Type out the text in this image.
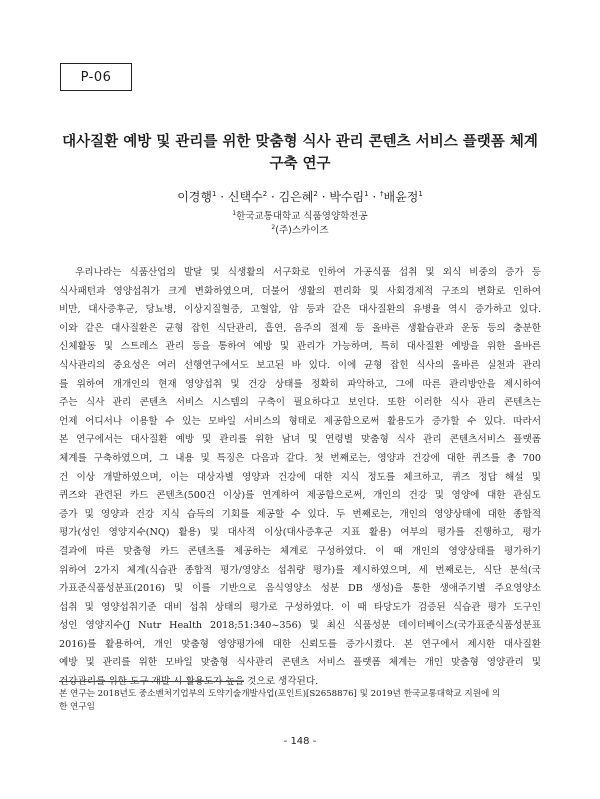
P-06
대사질환 예방 및 관리를 위한 맞춤형 식사 관리 콘텐츠 서비스 플랫폼 체계
구축 연구
이경행$^1$ · 신택수$^2$ · 김은혜$^2$ · 박수림$^1$ · †배윤정$^1$
$^1$한국교통대학교 식품영양학전공
$^2$(주)스카이즈
우리나라는 식품산업의 발달 및 식생활의 서구화로 인하여 가공식품 섭취 및 외식 비중의 증가 등
식사패턴과 영양섭취가 크게 변화하였으며, 더불어 생활의 편리화 및 사회경제적 구조의 변화로 인하여
비만, 대사증후군, 당뇨병, 이상지질혈증, 고혈압, 암 등과 같은 대사질환의 유병율 역시 증가하고 있다.
이와 같은 대사질환은 균형 잡힌 식단관리, 흡연, 음주의 절제 등 올바른 생활습관과 운동 등의 충분한
신체활동 및 스트레스 관리 등을 통하여 예방 및 관리가 가능하며, 특히 대사질환 예방을 위한 올바른
식사관리의 중요성은 여러 선행연구에서도 보고된 바 있다. 이에 균형 잡힌 식사의 올바른 실천과 관리
를 위하여 개개인의 현재 영양섭취 및 건강 상태를 정확히 파악하고, 그에 따른 관리방안을 제시하여
주는 식사 관리 콘텐츠 서비스 시스템의 구축이 필요하다고 보인다. 또한 이러한 식사 관리 콘텐츠는
언제 어디서나 이용할 수 있는 모바일 서비스의 형태로 제공함으로써 활용도가 증가할 수 있다. 따라서
본 연구에서는 대사질환 예방 및 관리를 위한 남녀 및 연령별 맞춤형 식사 관리 콘텐츠서비스 플랫폼
체계를 구축하였으며, 그 내용 및 특징은 다음과 같다. 첫 번째로는, 영양과 건강에 대한 퀴즈를 총 700
건 이상 개발하였으며, 이는 대상자별 영양과 건강에 대한 지식 정도를 체크하고, 퀴즈 정답 해설 및
퀴즈와 관련된 카드 콘텐츠(500건 이상)를 연계하여 제공함으로써, 개인의 건강 및 영양에 대한 관심도
증가 및 영양과 건강 지식 습득의 기회를 제공할 수 있다. 두 번째로는, 개인의 영양상태에 대한 종합적
평가(성인 영양지수(NQ) 활용) 및 대사적 이상(대사증후군 지표 활용) 여부의 평가를 진행하고, 평가
결과에 따른 맞춤형 카드 콘텐츠를 제공하는 체계로 구성하였다. 이 때 개인의 영양상태를 평가하기
위하여 2가지 체계(식습관 종합적 평가/영양소 섭취량 평가)를 제시하였으며, 세 번째로는, 식단 분석(국
가표준식품성분표(2016) 및 이를 기반으로 음식영양소 성분 DB 생성)을 통한 생애주기별 주요영양소
섭취 및 영양섭취기준 대비 섭취 상태의 평가로 구성하였다. 이 때 타당도가 검증된 식습관 평가 도구인
성인 영양지수(J Nutr Health 2018;51:340~356) 및 최신 식품성분 데이터베이스(국가표준식품성분표
2016)를 활용하여, 개인 맞춤형 영양평가에 대한 신뢰도를 증가시켰다. 본 연구에서 제시한 대사질환
예방 및 관리를 위한 모바일 맞춤형 식사관리 콘텐츠 서비스 플랫폼 체계는 개인 맞춤형 영양관리 및
건강관리를 위한 도구 개발 시 활용도가 높을 것으로 생각된다.
본 연구는 2018년도 중소벤처기업부의 도약기술개발사업(포인트)[S2658876] 및 2019년 한국교통대학교 지원에 의
한 연구임
- 148 -
